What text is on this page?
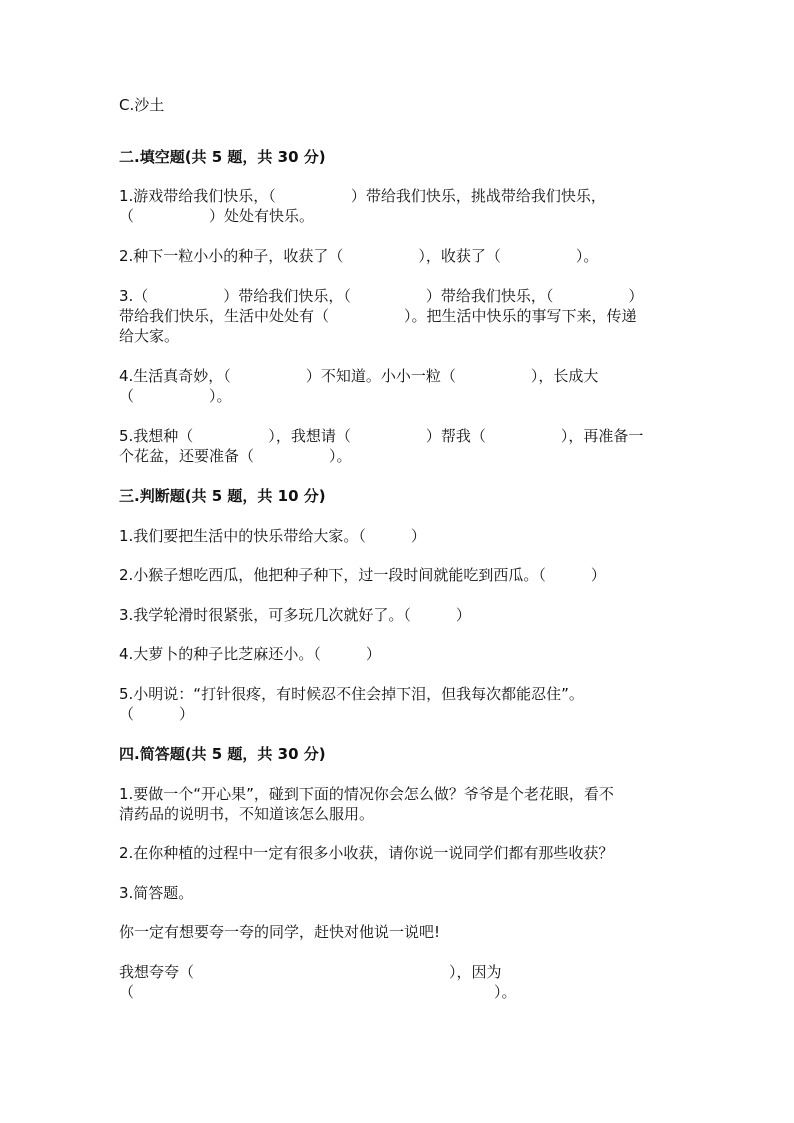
C.沙土
二.填空题(共 5 题，共 30 分)
1.游戏带给我们快乐，（　　　　　）带给我们快乐，挑战带给我们快乐，
（　　　　　）处处有快乐。
2.种下一粒小小的种子，收获了（　　　　　），收获了（　　　　　）。
3.（　　　　　）带给我们快乐，（　　　　　）带给我们快乐，（　　　　　）
带给我们快乐，生活中处处有（　　　　　）。把生活中快乐的事写下来，传递
给大家。
4.生活真奇妙，（　　　　　）不知道。小小一粒（　　　　　），长成大
（　　　　　）。
5.我想种（　　　　　），我想请（　　　　　）帮我（　　　　　），再准备一
个花盆，还要准备（　　　　　）。
三.判断题(共 5 题，共 10 分)
1.我们要把生活中的快乐带给大家。（　　　）
2.小猴子想吃西瓜，他把种子种下，过一段时间就能吃到西瓜。（　　　）
3.我学轮滑时很紧张，可多玩几次就好了。（　　　）
4.大萝卜的种子比芝麻还小。（　　　）
5.小明说：“打针很疼，有时候忍不住会掉下泪，但我每次都能忍住”。
（　　　）
四.简答题(共 5 题，共 30 分)
1.要做一个“开心果”，碰到下面的情况你会怎么做？爷爷是个老花眼，看不
清药品的说明书，不知道该怎么服用。
2.在你种植的过程中一定有很多小收获，请你说一说同学们都有那些收获？
3.简答题。
你一定有想要夸一夸的同学，赶快对他说一说吧!
我想夸夸（　　　　　　　　　　　　　　　　　），因为
（　　　　　　　　　　　　　　　　　　　　　　　　）。
